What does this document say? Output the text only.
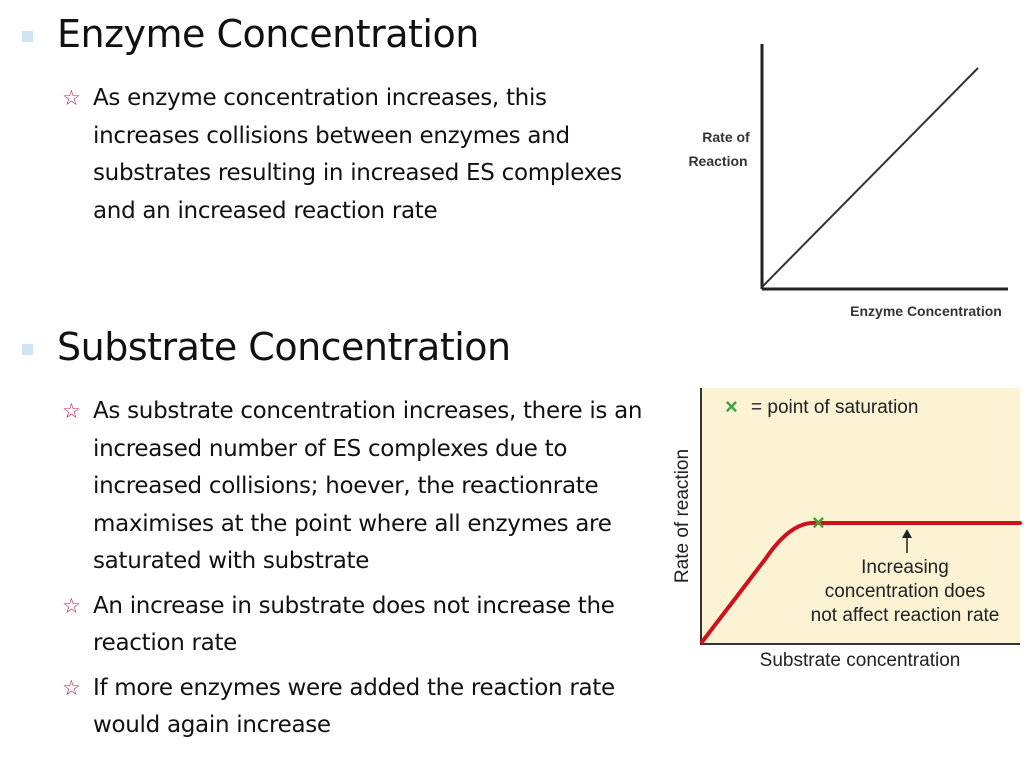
Enzyme Concentration
☆ As enzyme concentration increases, this increases collisions between enzymes and substrates resulting in increased ES complexes and an increased reaction rate
Substrate Concentration
☆ As substrate concentration increases, there is an increased number of ES complexes due to increased collisions; hoever, the reactionrate maximises at the point where all enzymes are saturated with substrate
☆ An increase in substrate does not increase the reaction rate
☆ If more enzymes were added the reaction rate would again increase
Rate of
Reaction
Enzyme Concentration
× = point of saturation
×
Increasing
concentration does
not affect reaction rate
Rate of reaction
Substrate concentration
